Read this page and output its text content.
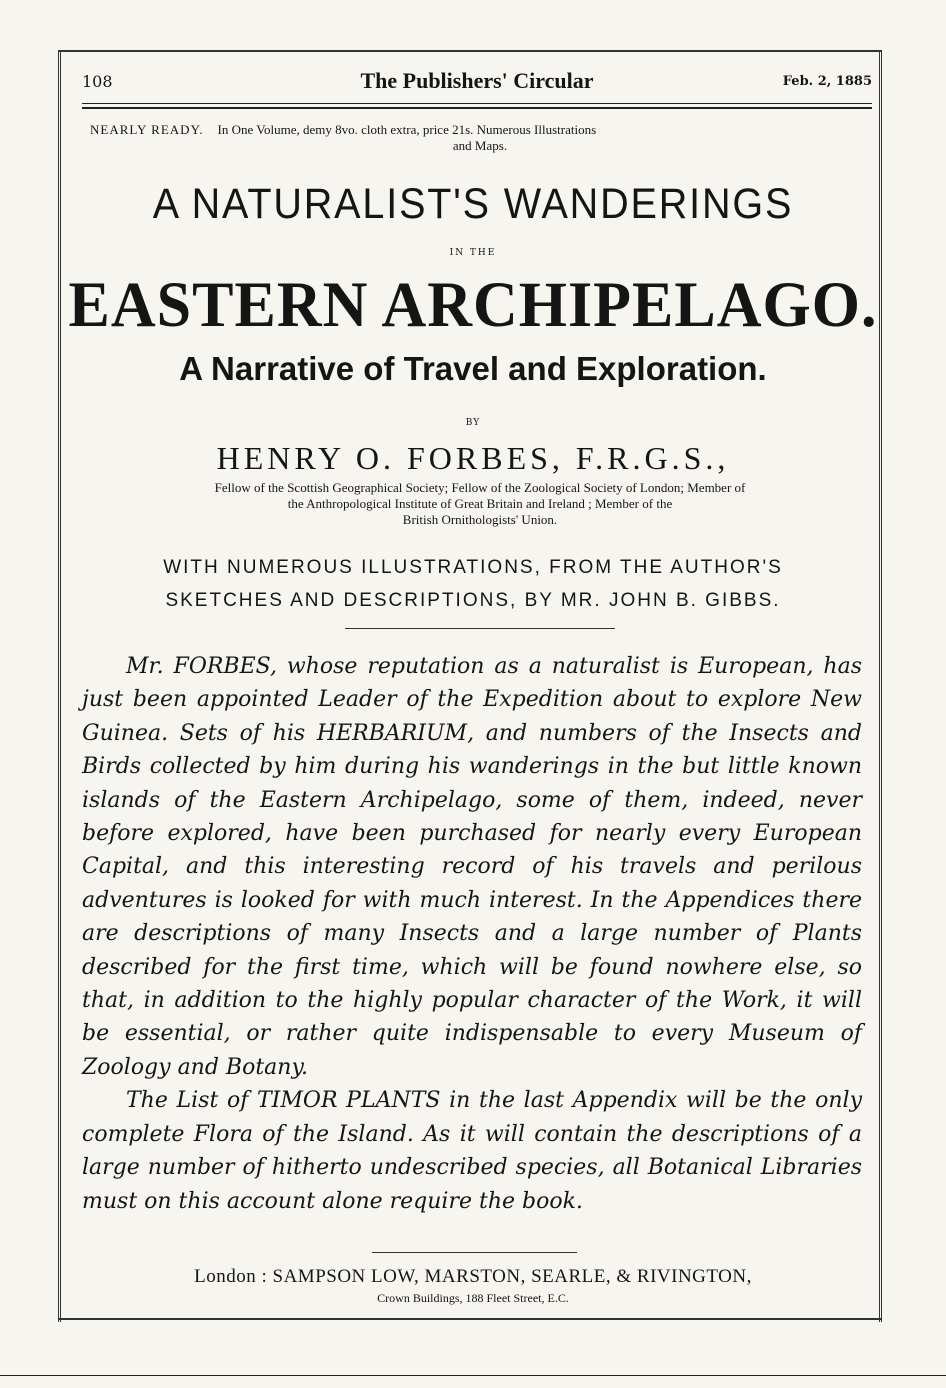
108	The Publishers' Circular	Feb. 2, 1885
NEARLY READY. In One Volume, demy 8vo. cloth extra, price 21s. Numerous Illustrations
and Maps.
A NATURALIST'S WANDERINGS
IN THE
EASTERN ARCHIPELAGO.
A Narrative of Travel and Exploration.
BY
HENRY O. FORBES, F.R.G.S.,
Fellow of the Scottish Geographical Society; Fellow of the Zoological Society of London; Member of
the Anthropological Institute of Great Britain and Ireland ; Member of the
British Ornithologists' Union.
WITH NUMEROUS ILLUSTRATIONS, FROM THE AUTHOR'S
SKETCHES AND DESCRIPTIONS, BY MR. JOHN B. GIBBS.

Mr. FORBES, whose reputation as a naturalist is European, has just been appointed Leader of the Expedition about to explore New Guinea. Sets of his HERBARIUM, and numbers of the Insects and Birds collected by him during his wanderings in the but little known islands of the Eastern Archipelago, some of them, indeed, never before explored, have been purchased for nearly every European Capital, and this interesting record of his travels and perilous adventures is looked for with much interest. In the Appendices there are descriptions of many Insects and a large number of Plants described for the first time, which will be found nowhere else, so that, in addition to the highly popular character of the Work, it will be essential, or rather quite indispensable to every Museum of Zoology and Botany.

The List of TIMOR PLANTS in the last Appendix will be the only complete Flora of the Island. As it will contain the descriptions of a large number of hitherto undescribed species, all Botanical Libraries must on this account alone require the book.

London : SAMPSON LOW, MARSTON, SEARLE, & RIVINGTON,
Crown Buildings, 188 Fleet Street, E.C.
